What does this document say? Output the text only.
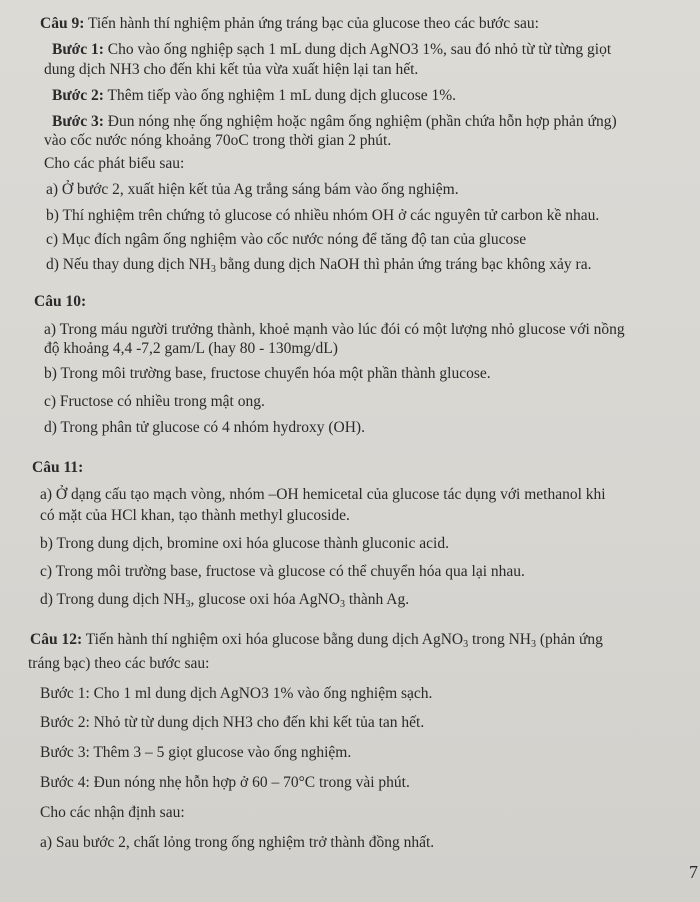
Câu 9: Tiến hành thí nghiệm phản ứng tráng bạc của glucose theo các bước sau:
Bước 1: Cho vào ống nghiệp sạch 1 mL dung dịch AgNO3 1%, sau đó nhỏ từ từ từng giọt
dung dịch NH3 cho đến khi kết tủa vừa xuất hiện lại tan hết.
Bước 2: Thêm tiếp vào ống nghiệm 1 mL dung dịch glucose 1%.
Bước 3: Đun nóng nhẹ ống nghiệm hoặc ngâm ống nghiệm (phần chứa hỗn hợp phản ứng)
vào cốc nước nóng khoảng 70oC trong thời gian 2 phút.
Cho các phát biểu sau:
a) Ở bước 2, xuất hiện kết tủa Ag trắng sáng bám vào ống nghiệm.
b) Thí nghiệm trên chứng tỏ glucose có nhiều nhóm OH ở các nguyên tử carbon kề nhau.
c) Mục đích ngâm ống nghiệm vào cốc nước nóng để tăng độ tan của glucose
d) Nếu thay dung dịch $NH_3$ bằng dung dịch NaOH thì phản ứng tráng bạc không xảy ra.
Câu 10:
a) Trong máu người trưởng thành, khoẻ mạnh vào lúc đói có một lượng nhỏ glucose với nồng
độ khoảng 4,4 -7,2 gam/L (hay 80 - 130mg/dL)
b) Trong môi trường base, fructose chuyển hóa một phần thành glucose.
c) Fructose có nhiều trong mật ong.
d) Trong phân tử glucose có 4 nhóm hydroxy (OH).
Câu 11:
a) Ở dạng cấu tạo mạch vòng, nhóm –OH hemicetal của glucose tác dụng với methanol khi
có mặt của HCl khan, tạo thành methyl glucoside.
b) Trong dung dịch, bromine oxi hóa glucose thành gluconic acid.
c) Trong môi trường base, fructose và glucose có thể chuyển hóa qua lại nhau.
d) Trong dung dịch $NH_3$, glucose oxi hóa AgNO$_3$ thành Ag.
Câu 12: Tiến hành thí nghiệm oxi hóa glucose bằng dung dịch AgNO$_3$ trong $NH_3$ (phản ứng
tráng bạc) theo các bước sau:
Bước 1: Cho 1 ml dung dịch AgNO3 1% vào ống nghiệm sạch.
Bước 2: Nhỏ từ từ dung dịch NH3 cho đến khi kết tủa tan hết.
Bước 3: Thêm 3 – 5 giọt glucose vào ống nghiệm.
Bước 4: Đun nóng nhẹ hỗn hợp ở 60 – 70°C trong vài phút.
Cho các nhận định sau:
a) Sau bước 2, chất lỏng trong ống nghiệm trở thành đồng nhất.
7
